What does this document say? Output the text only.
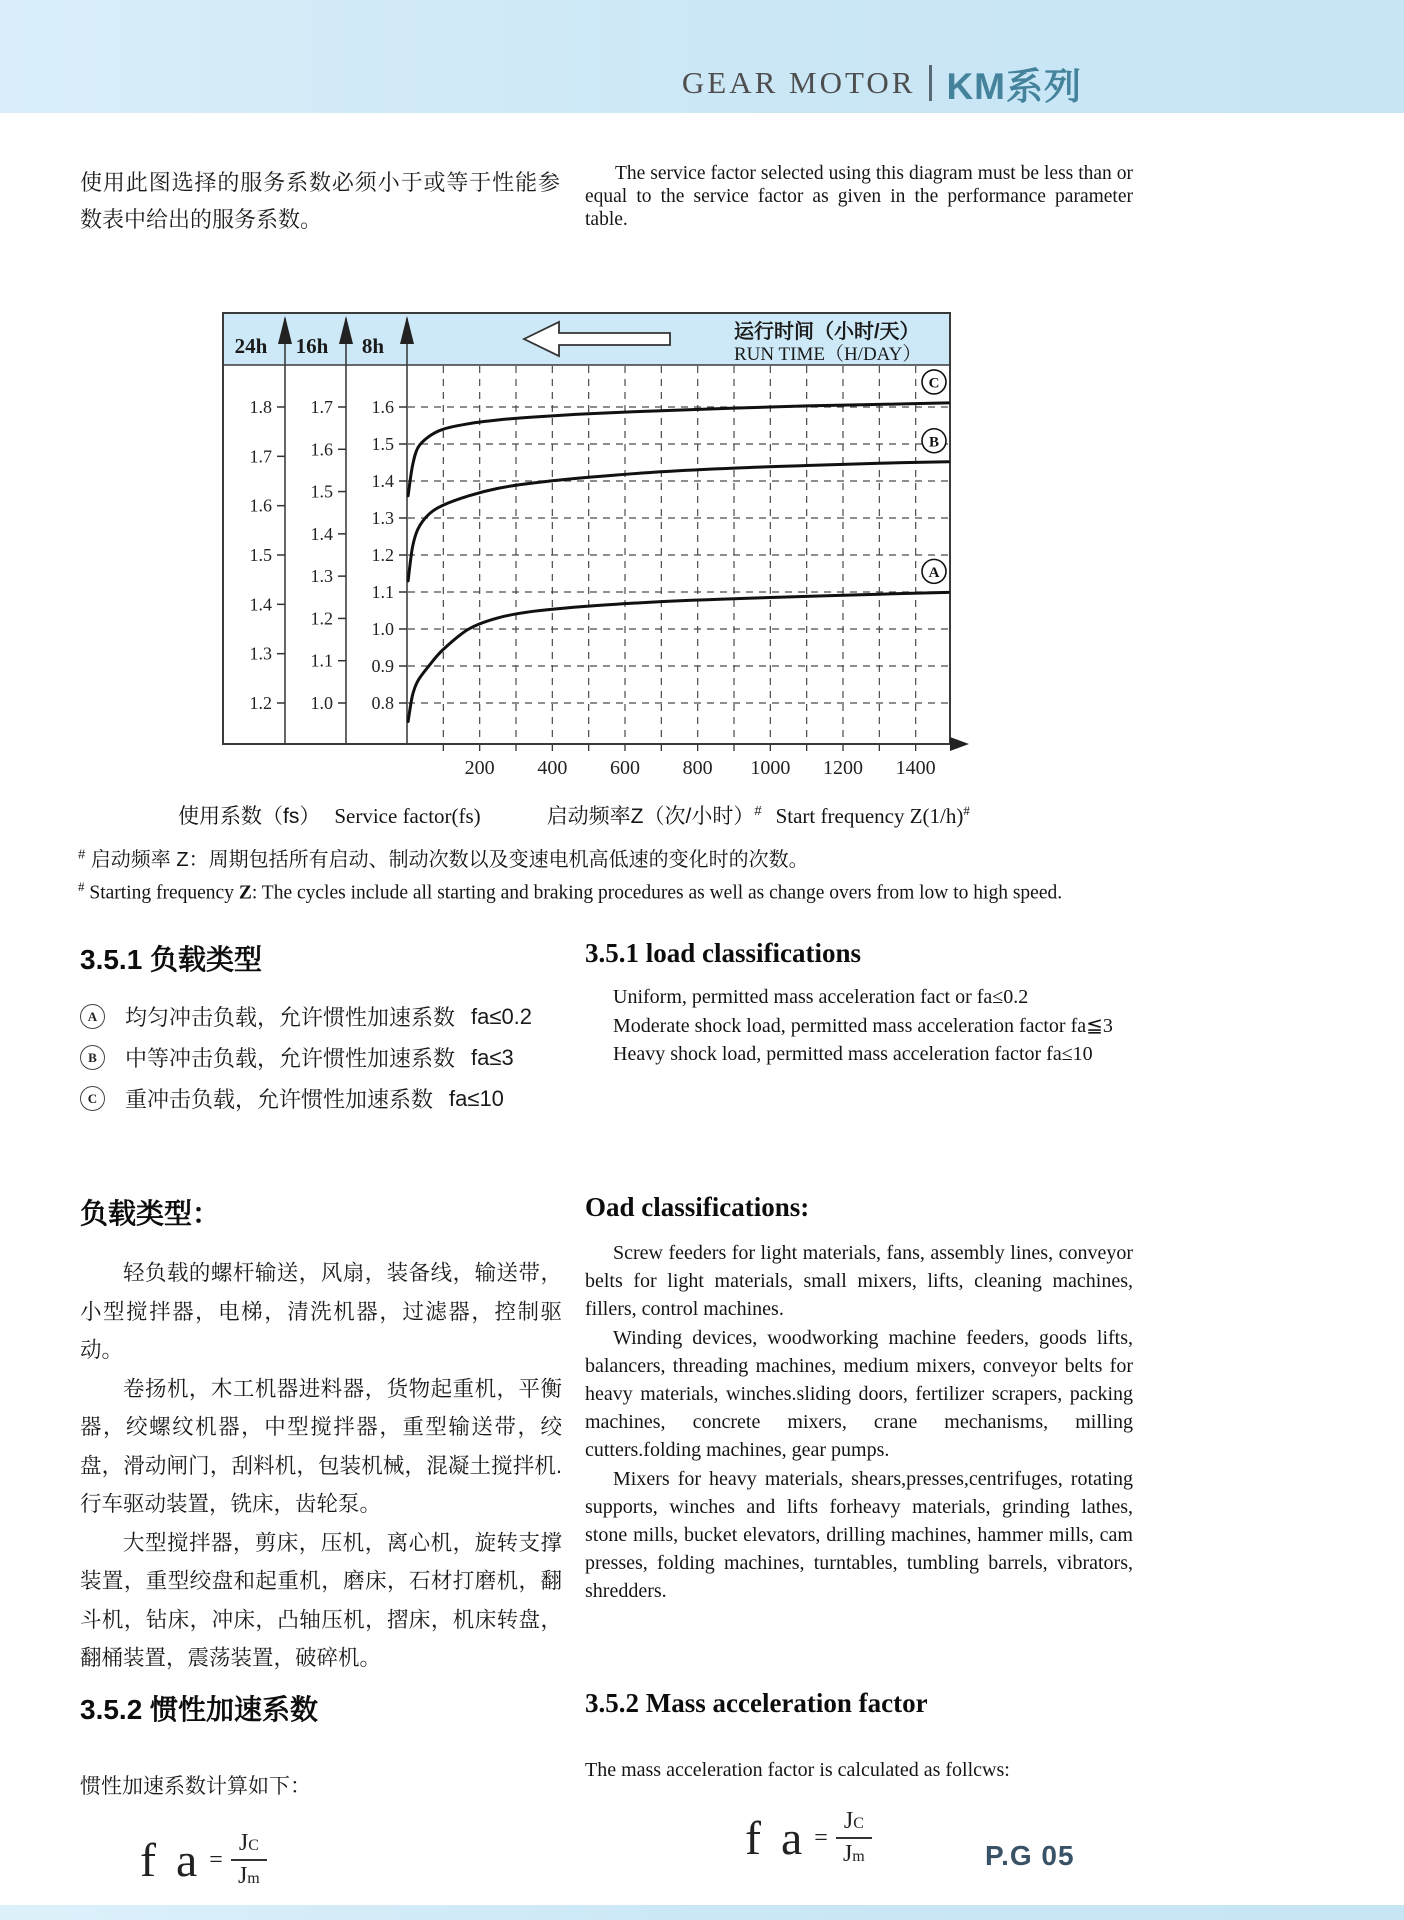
GEAR MOTOR KM系列

使用此图选择的服务系数必须小于或等于性能参数表中给出的服务系数。

The service factor selected using this diagram must be less than or equal to the service factor as given in the performance parameter table.

24h
1.8
1.7
1.6
1.5
1.4
1.3
1.2
16h
1.7
1.6
1.5
1.4
1.3
1.2
1.1
1.0
8h
1.6
1.5
1.4
1.3
1.2
1.1
1.0
0.9
0.8
200 400 600 800 1000 1200 1400
运行时间（小时/天）
RUN TIME（H/DAY）
A
B
C
使用系数（fs） Service factor(fs)	启动频率Z（次/小时）# Start frequency Z(1/h)#
# 启动频率 Z：周期包括所有启动、制动次数以及变速电机高低速的变化时的次数。
# Starting frequency Z: The cycles include all starting and braking procedures as well as change overs from low to high speed.
3.5.1 负载类型
A	均匀冲击负载，允许惯性加速系数 fa≤0.2
B	中等冲击负载，允许惯性加速系数 fa≤3
C	重冲击负载，允许惯性加速系数 fa≤10
3.5.1 load classifications

Uniform, permitted mass acceleration fact or fa≤0.2

Moderate shock load, permitted mass acceleration factor fa≦3

Heavy shock load, permitted mass acceleration factor fa≤10

负载类型：

轻负载的螺杆输送，风扇，装备线，输送带，小型搅拌器，电梯，清洗机器，过滤器，控制驱动。

卷扬机，木工机器进料器，货物起重机，平衡器，绞螺纹机器，中型搅拌器，重型输送带，绞盘，滑动闸门，刮料机，包装机械，混凝土搅拌机.行车驱动装置，铣床，齿轮泵。

大型搅拌器，剪床，压机，离心机，旋转支撑装置，重型绞盘和起重机，磨床，石材打磨机，翻斗机，钻床，冲床，凸轴压机，摺床，机床转盘，翻桶装置，震荡装置，破碎机。

Oad classifications:

Screw feeders for light materials, fans, assembly lines, conveyor belts for light materials, small mixers, lifts, cleaning machines, fillers, control machines.

Winding devices, woodworking machine feeders, goods lifts, balancers, threading machines, medium mixers, conveyor belts for heavy materials, winches.sliding doors, fertilizer scrapers, packing machines, concrete mixers, crane mechanisms, milling cutters.folding machines, gear pumps.

Mixers for heavy materials, shears,presses,centrifuges, rotating supports, winches and lifts forheavy materials, grinding lathes, stone mills, bucket elevators, drilling machines, hammer mills, cam presses, folding machines, turntables, tumbling barrels, vibrators, shredders.

3.5.2 惯性加速系数
惯性加速系数计算如下：
f $a = \frac{JC}{Jm}$
3.5.2 Mass acceleration factor
The mass acceleration factor is calculated as follcws:
f $a = \frac{JC}{Jm}$	P.G 05
